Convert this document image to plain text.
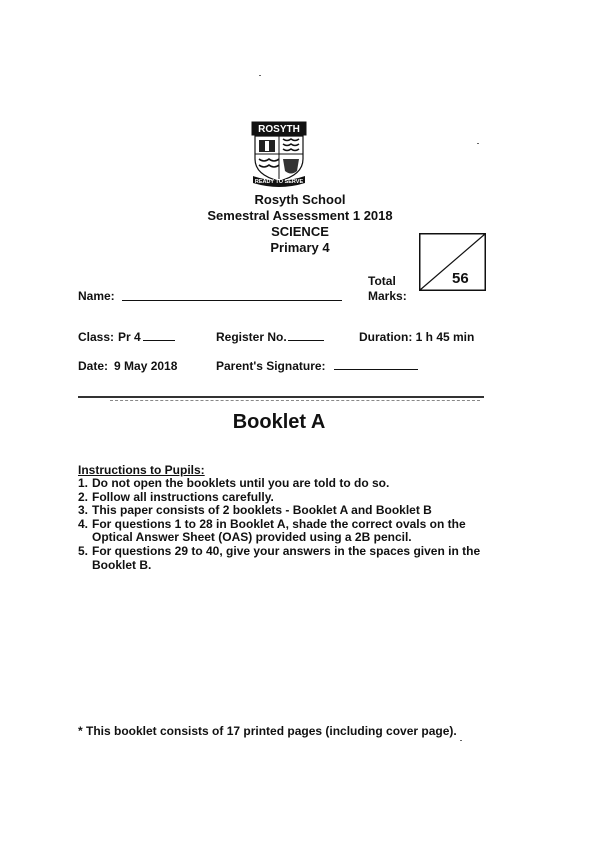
ROSYTH
READY TO SERVE
Rosyth School
Semestral Assessment 1 2018
SCIENCE
Primary 4
Total
Marks:
56
Name:
Class: Pr 4	Register No.	Duration: 1 h 45 min
Date: 9 May 2018	Parent's Signature:
Booklet A
Instructions to Pupils:
1. Do not open the booklets until you are told to do so.
2. Follow all instructions carefully.
3. This paper consists of 2 booklets - Booklet A and Booklet B
4. For questions 1 to 28 in Booklet A, shade the correct ovals on the Optical Answer Sheet (OAS) provided using a 2B pencil.
5. For questions 29 to 40, give your answers in the spaces given in the Booklet B.
* This booklet consists of 17 printed pages (including cover page).
